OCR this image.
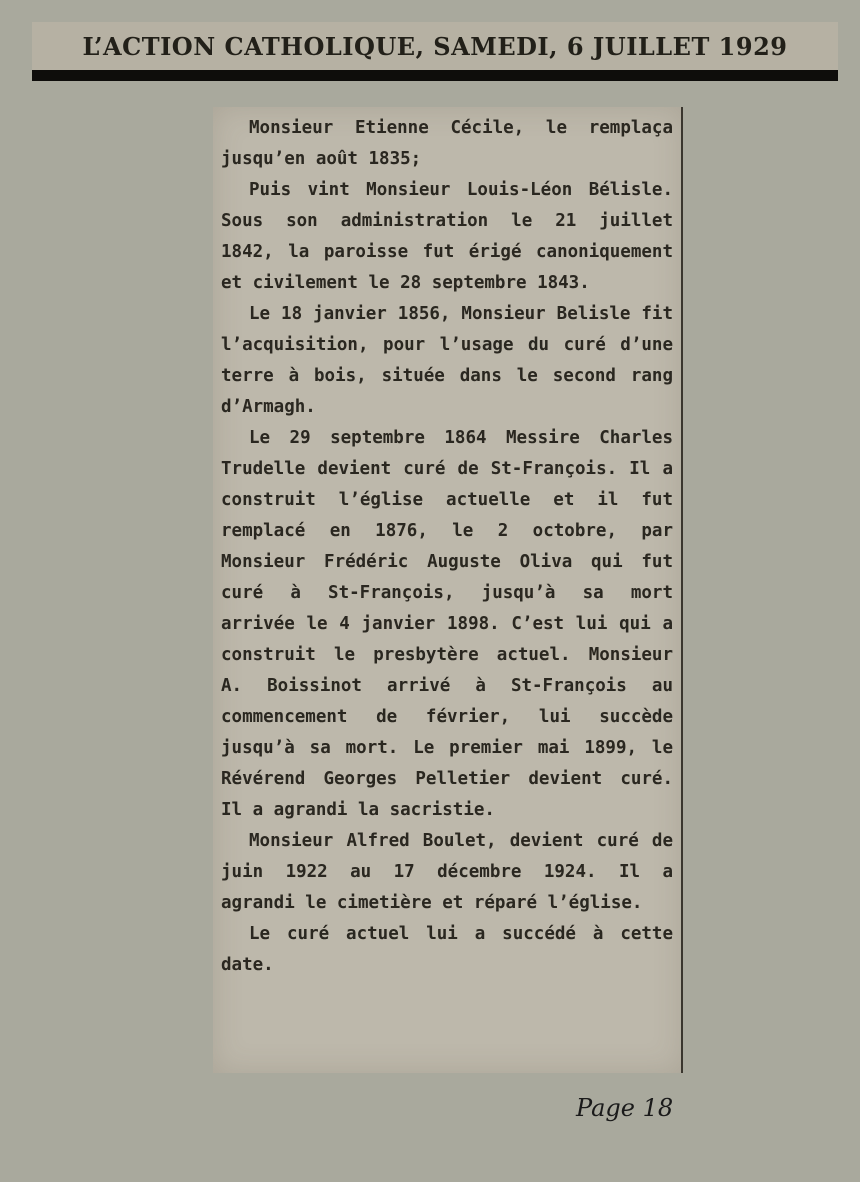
L’ACTION CATHOLIQUE, SAMEDI, 6 JUILLET 1929

Monsieur Etienne Cécile, le remplaça jusqu’en août 1835;

Puis vint Monsieur Louis-Léon Bélisle. Sous son administration le 21 juillet 1842, la paroisse fut érigé canoniquement et civilement le 28 septembre 1843.

Le 18 janvier 1856, Monsieur Belisle fit l’acquisition, pour l’usage du curé d’une terre à bois, située dans le second rang d’Armagh.

Le 29 septembre 1864 Messire Charles Trudelle devient curé de St-François. Il a construit l’église actuelle et il fut remplacé en 1876, le 2 octobre, par Monsieur Frédéric Auguste Oliva qui fut curé à St-François, jusqu’à sa mort arrivée le 4 janvier 1898. C’est lui qui a construit le presbytère actuel. Monsieur A. Boissinot arrivé à St-François au commencement de février, lui succède jusqu’à sa mort. Le premier mai 1899, le Révérend Georges Pelletier devient curé. Il a agrandi la sacristie.

Monsieur Alfred Boulet, devient curé de juin 1922 au 17 décembre 1924. Il a agrandi le cimetière et réparé l’église.

Le curé actuel lui a succédé à cette date.

Page 18
